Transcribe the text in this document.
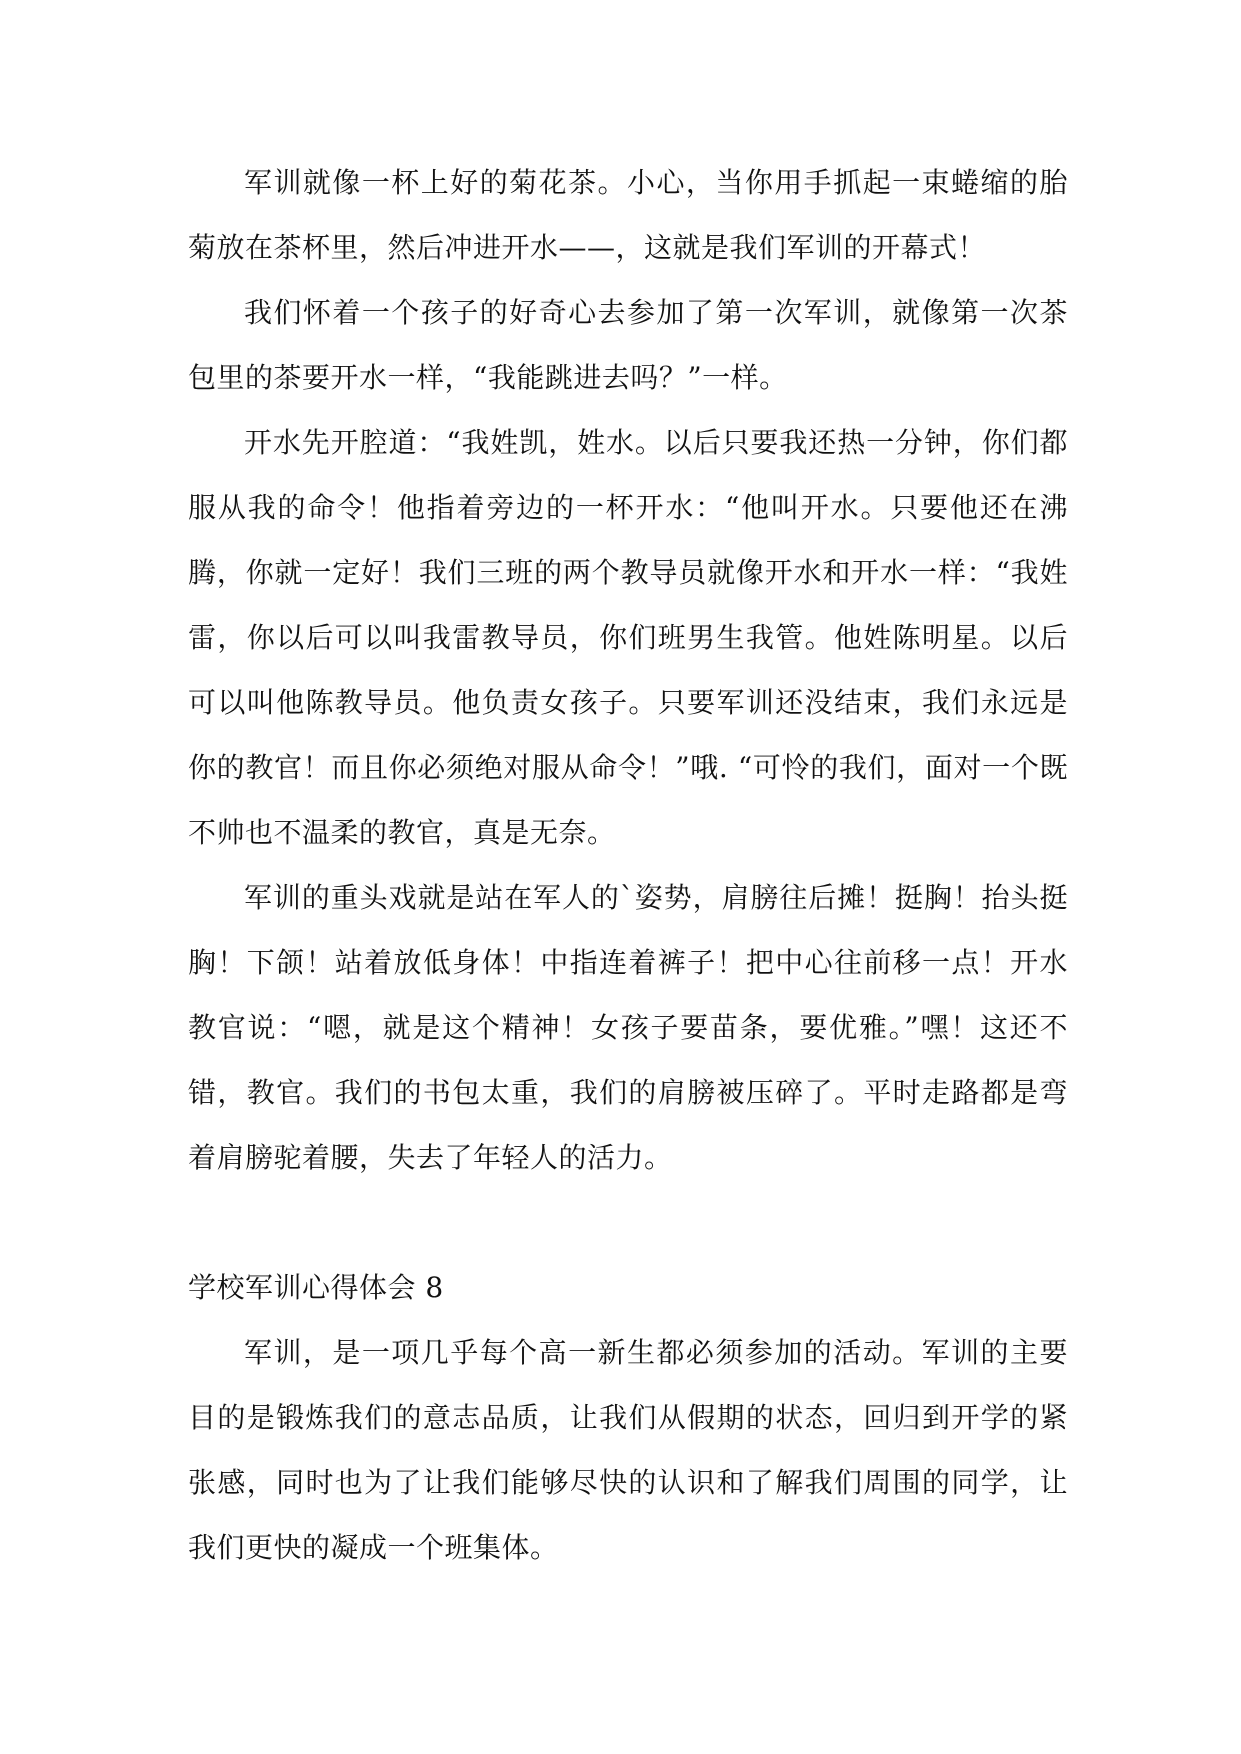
军训就像一杯上好的菊花茶。小心，当你用手抓起一束蜷缩的胎菊放在茶杯里，然后冲进开水——，这就是我们军训的开幕式！

我们怀着一个孩子的好奇心去参加了第一次军训，就像第一次茶包里的茶要开水一样，“我能跳进去吗？”一样。

开水先开腔道：“我姓凯，姓水。以后只要我还热一分钟，你们都服从我的命令！他指着旁边的一杯开水：“他叫开水。只要他还在沸腾，你就一定好！我们三班的两个教导员就像开水和开水一样：“我姓雷，你以后可以叫我雷教导员，你们班男生我管。他姓陈明星。以后可以叫他陈教导员。他负责女孩子。只要军训还没结束，我们永远是你的教官！而且你必须绝对服从命令！”哦. “可怜的我们，面对一个既不帅也不温柔的教官，真是无奈。

军训的重头戏就是站在军人的`姿势，肩膀往后摊！挺胸！抬头挺胸！下颌！站着放低身体！中指连着裤子！把中心往前移一点！开水教官说：“嗯，就是这个精神！女孩子要苗条，要优雅。”嘿！这还不错，教官。我们的书包太重，我们的肩膀被压碎了。平时走路都是弯着肩膀驼着腰，失去了年轻人的活力。

学校军训心得体会 8

军训，是一项几乎每个高一新生都必须参加的活动。军训的主要目的是锻炼我们的意志品质，让我们从假期的状态，回归到开学的紧张感，同时也为了让我们能够尽快的认识和了解我们周围的同学，让我们更快的凝成一个班集体。
